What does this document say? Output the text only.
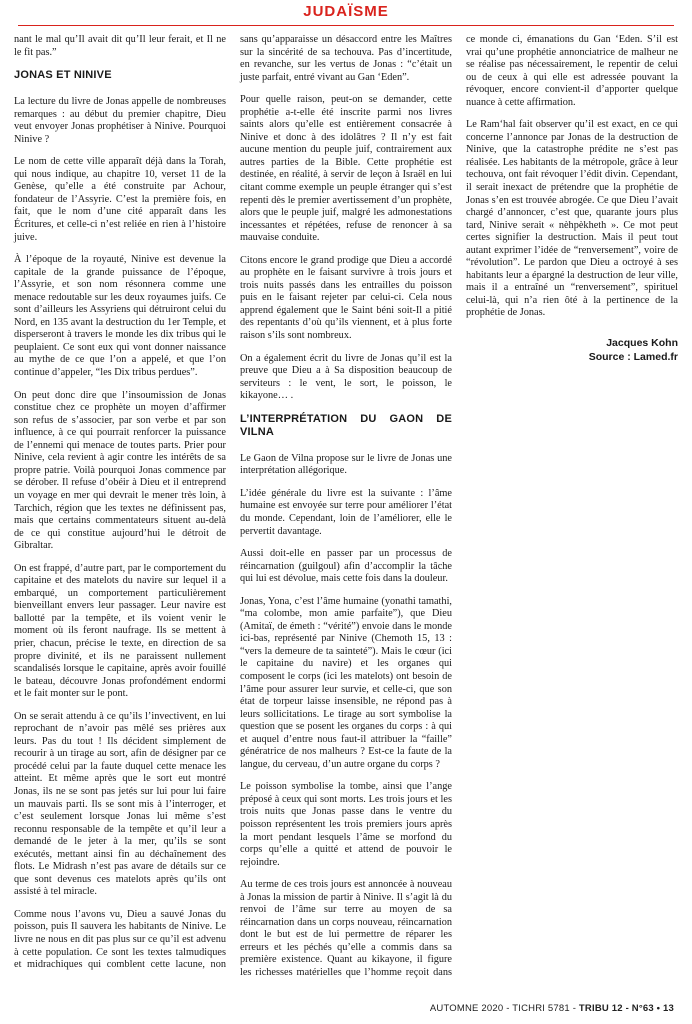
JUDAÏSME

nant le mal qu’Il avait dit qu’Il leur ferait, et Il ne le fit pas.”

JONAS ET NINIVE

La lecture du livre de Jonas appelle de nombreuses remarques : au début du premier chapitre, Dieu veut envoyer Jonas prophétiser à Ninive. Pourquoi Ninive ?

Le nom de cette ville apparaît déjà dans la Torah, qui nous indique, au chapitre 10, verset 11 de la Genèse, qu’elle a été construite par Achour, fondateur de l’Assyrie. C’est la première fois, en fait, que le nom d’une cité apparaît dans les Écritures, et celle-ci n’est reliée en rien à l’histoire juive.

À l’époque de la royauté, Ninive est devenue la capitale de la grande puissance de l’époque, l’Assyrie, et son nom résonnera comme une menace redoutable sur les deux royaumes juifs. Ce sont d’ailleurs les Assyriens qui détruiront celui du Nord, en 135 avant la destruction du 1er Temple, et disperseront à travers le monde les dix tribus qui le peuplaient. Ce sont eux qui vont donner naissance au mythe de ce que l’on a appelé, et que l’on continue d’appeler, “les Dix tribus perdues”.

On peut donc dire que l’insoumission de Jonas constitue chez ce prophète un moyen d’affirmer son refus de s’associer, par son verbe et par son influence, à ce qui pourrait renforcer la puissance de l’ennemi qui menace de toutes parts. Prier pour Ninive, cela revient à agir contre les intérêts de sa propre patrie. Voilà pourquoi Jonas commence par se dérober. Il refuse d’obéir à Dieu et il entreprend un voyage en mer qui devrait le mener très loin, à Tarchich, région que les textes ne définissent pas, mais que certains commentateurs situent au-delà de ce qui constitue aujourd’hui le détroit de Gibraltar.

On est frappé, d’autre part, par le comportement du capitaine et des matelots du navire sur lequel il a embarqué, un comportement particulièrement bienveillant envers leur passager. Leur navire est ballotté par la tempête, et ils voient venir le moment où ils feront naufrage. Ils se mettent à prier, chacun, précise le texte, en direction de sa propre divinité, et ils ne paraissent nullement scandalisés lorsque le capitaine, après avoir fouillé le bateau, découvre Jonas profondément endormi et le fait monter sur le pont.

On se serait attendu à ce qu’ils l’invectivent, en lui reprochant de n’avoir pas mêlé ses prières aux leurs. Pas du tout ! Ils décident simplement de recourir à un tirage au sort, afin de désigner par ce procédé celui par la faute duquel cette menace les atteint. Et même après que le sort eut montré Jonas, ils ne se sont pas jetés sur lui pour lui faire un mauvais parti. Ils se sont mis à l’interroger, et c’est seulement lorsque Jonas lui même s’est reconnu responsable de la tempête et qu’il leur a demandé de le jeter à la mer, qu’ils se sont exécutés, mettant ainsi fin au déchaînement des flots. Le Midrash n’est pas avare de détails sur ce que sont devenus ces matelots après qu’ils ont assisté à tel miracle.

Comme nous l’avons vu, Dieu a sauvé Jonas du poisson, puis Il sauvera les habitants de Ninive. Le livre ne nous en dit pas plus sur ce qu’il est advenu à cette population. Ce sont les textes talmudiques et midrachiques qui comblent cette lacune, non sans qu’apparaisse un désaccord entre les Maîtres sur la sincérité de sa techouva. Pas d’incertitude, en revanche, sur les vertus de Jonas : “c’était un juste parfait, entré vivant au Gan ‘Eden”.

Pour quelle raison, peut-on se demander, cette prophétie a-t-elle été inscrite parmi nos livres saints alors qu’elle est entièrement consacrée à Ninive et donc à des idolâtres ? Il n’y est fait aucune mention du peuple juif, contrairement aux autres parties de la Bible. Cette prophétie est destinée, en réalité, à servir de leçon à Israël en lui citant comme exemple un peuple étranger qui s’est repenti dès le premier avertissement d’un prophète, alors que le peuple juif, malgré les admonestations incessantes et répétées, refuse de renoncer à sa mauvaise conduite.

Citons encore le grand prodige que Dieu a accordé au prophète en le faisant survivre à trois jours et trois nuits passés dans les entrailles du poisson puis en le faisant rejeter par celui-ci. Cela nous apprend également que le Saint béni soit-Il a pitié des repentants d’où qu’ils viennent, et à plus forte raison s’ils sont nombreux.

On a également écrit du livre de Jonas qu’il est la preuve que Dieu a à Sa disposition beaucoup de serviteurs : le vent, le sort, le poisson, le kikayone… .

L’INTERPRÉTATION DU GAON DE VILNA

Le Gaon de Vilna propose sur le livre de Jonas une interprétation allégorique.

L’idée générale du livre est la suivante : l’âme humaine est envoyée sur terre pour améliorer l’état du monde. Cependant, loin de l’améliorer, elle le pervertit davantage.

Aussi doit-elle en passer par un processus de réincarnation (guilgoul) afin d’accomplir la tâche qui lui est dévolue, mais cette fois dans la douleur.

Jonas, Yona, c’est l’âme humaine (yonathi tamathi, “ma colombe, mon amie parfaite”), que Dieu (Amitaï, de émeth : “vérité”) envoie dans le monde ici-bas, représenté par Ninive (Chemoth 15, 13 : “vers la demeure de ta sainteté”). Mais le cœur (ici le capitaine du navire) et les organes qui composent le corps (ici les matelots) ont besoin de l’âme pour assurer leur survie, et celle-ci, que son état de torpeur laisse insensible, ne répond pas à leurs sollicitations. Le tirage au sort symbolise la question que se posent les organes du corps : à qui et auquel d’entre nous faut-il attribuer la “faille” génératrice de nos malheurs ? Est-ce la faute de la langue, du cerveau, d’un autre organe du corps ?

Le poisson symbolise la tombe, ainsi que l’ange préposé à ceux qui sont morts. Les trois jours et les trois nuits que Jonas passe dans le ventre du poisson représentent les trois premiers jours après la mort pendant lesquels l’âme se morfond du corps qu’elle a quitté et attend de pouvoir le rejoindre.

Au terme de ces trois jours est annoncée à nouveau à Jonas la mission de partir à Ninive. Il s’agit là du renvoi de l’âme sur terre au moyen de sa réincarnation dans un corps nouveau, réincarnation dont le but est de lui permettre de réparer les erreurs et les péchés qu’elle a commis dans sa première existence. Quant au kikayone, il figure les richesses matérielles que l’homme reçoit dans ce monde ci, émanations du Gan ‘Eden. S’il est vrai qu’une prophétie annonciatrice de malheur ne se réalise pas nécessairement, le repentir de celui ou de ceux à qui elle est adressée pouvant la révoquer, encore convient-il d’apporter quelque nuance à cette affirmation.

Le Ram‘hal fait observer qu’il est exact, en ce qui concerne l’annonce par Jonas de la destruction de Ninive, que la catastrophe prédite ne s’est pas réalisée. Les habitants de la métropole, grâce à leur techouva, ont fait révoquer l’édit divin. Cependant, il serait inexact de prétendre que la prophétie de Jonas s’en est trouvée abrogée. Ce que Dieu l’avait chargé d’annoncer, c’est que, quarante jours plus tard, Ninive serait « nèhpèkheth ». Ce mot peut certes signifier la destruction. Mais il peut tout autant exprimer l’idée de “renversement”, voire de “révolution”. Le pardon que Dieu a octroyé à ses habitants leur a épargné la destruction de leur ville, mais il a entraîné un “renversement”, spirituel celui-là, qui n’a rien ôté à la pertinence de la prophétie de Jonas.

Jacques Kohn
Source : Lamed.fr

AUTOMNE 2020 - TICHRI 5781 - TRIBU 12 - N°63 • 13
